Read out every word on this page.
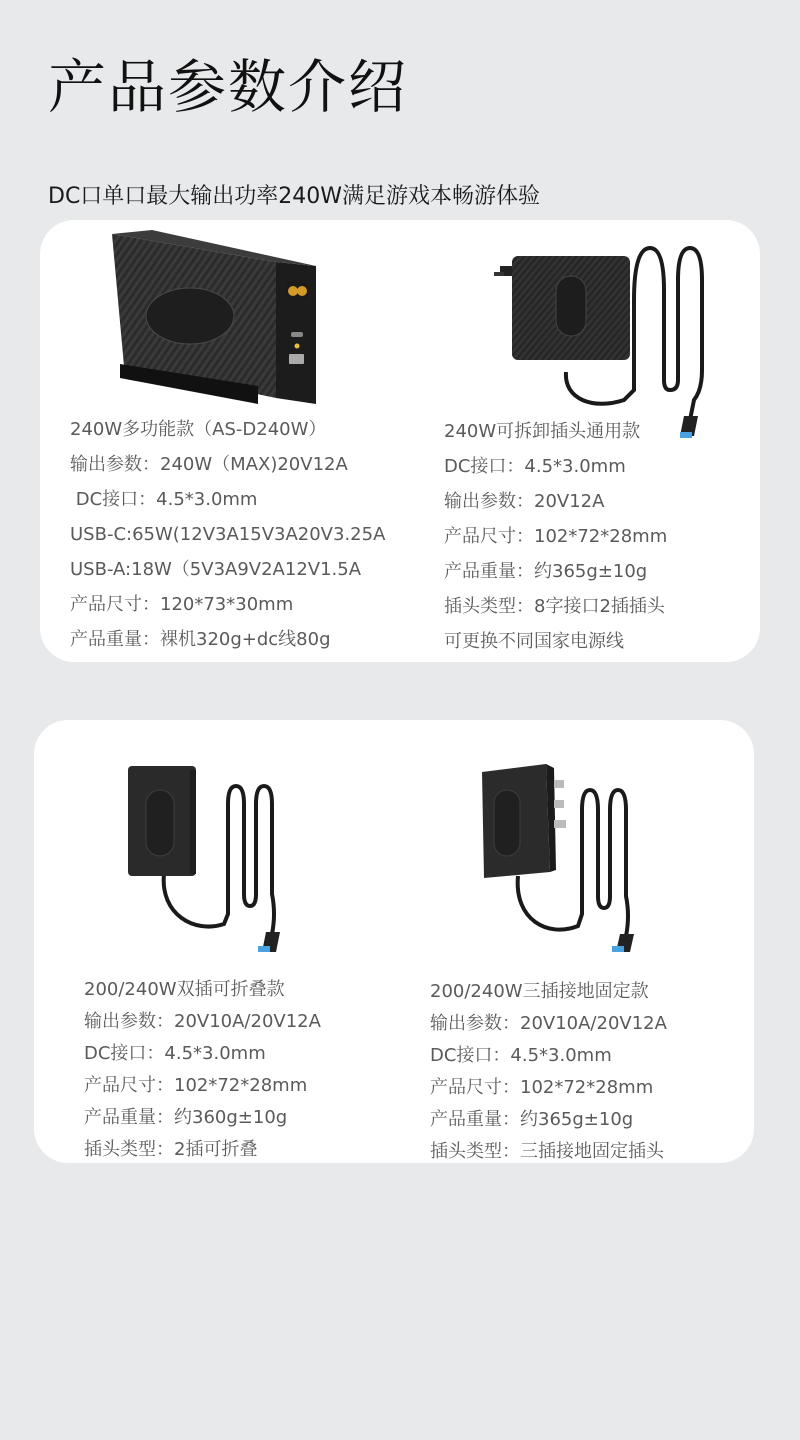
产品参数介绍
DC口单口最大输出功率240W满足游戏本畅游体验
240W多功能款（AS-D240W）
输出参数：240W（MAX)20V12A
DC接口：4.5*3.0mm
USB-C:65W(12V3A15V3A20V3.25A
USB-A:18W（5V3A9V2A12V1.5A
产品尺寸：120*73*30mm
产品重量：裸机320g+dc线80g
240W可拆卸插头通用款
DC接口：4.5*3.0mm
输出参数：20V12A
产品尺寸：102*72*28mm
产品重量：约365g±10g
插头类型：8字接口2插插头
可更换不同国家电源线
200/240W双插可折叠款
输出参数：20V10A/20V12A
DC接口：4.5*3.0mm
产品尺寸：102*72*28mm
产品重量：约360g±10g
插头类型：2插可折叠
200/240W三插接地固定款
输出参数：20V10A/20V12A
DC接口：4.5*3.0mm
产品尺寸：102*72*28mm
产品重量：约365g±10g
插头类型：三插接地固定插头
